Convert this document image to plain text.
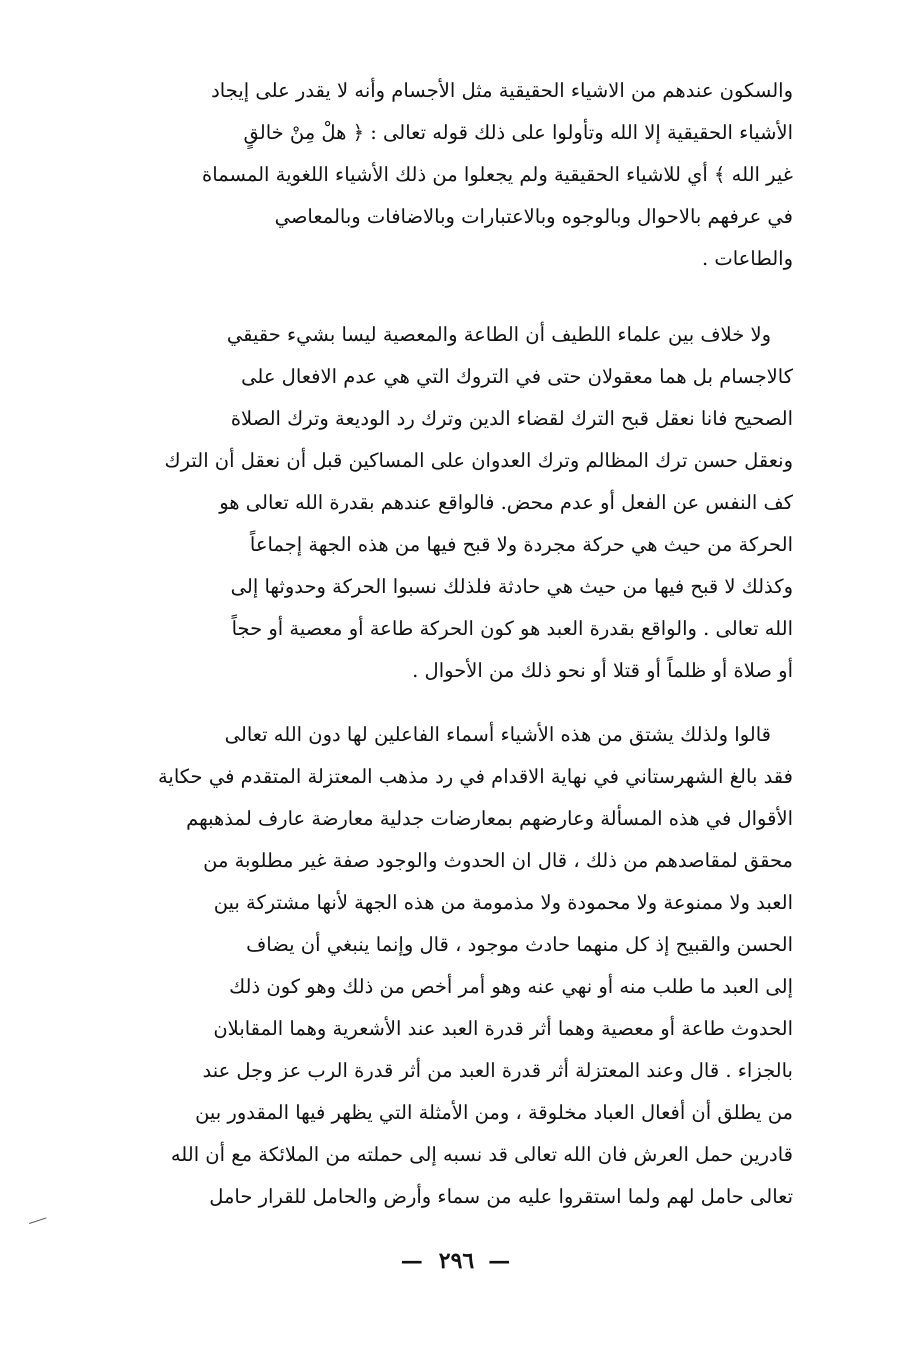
والسكون عندهم من الاشياء الحقيقية مثل الأجسام وأنه لا يقدر على إيجاد
الأشياء الحقيقية إلا الله وتأولوا على ذلك قوله تعالى : ﴿ هلْ مِنْ خالقٍ
غير الله ﴾ أي للاشياء الحقيقية ولم يجعلوا من ذلك الأشياء اللغوية المسماة
في عرفهم بالاحوال وبالوجوه وبالاعتبارات وبالاضافات وبالمعاصي
والطاعات .
ولا خلاف بين علماء اللطيف أن الطاعة والمعصية ليسا بشيء حقيقي
كالاجسام بل هما معقولان حتى في التروك التي هي عدم الافعال على
الصحيح فانا نعقل قبح الترك لقضاء الدين وترك رد الوديعة وترك الصلاة
ونعقل حسن ترك المظالم وترك العدوان على المساكين قبل أن نعقل أن الترك
كف النفس عن الفعل أو عدم محض. فالواقع عندهم بقدرة الله تعالى هو
الحركة من حيث هي حركة مجردة ولا قبح فيها من هذه الجهة إجماعاً
وكذلك لا قبح فيها من حيث هي حادثة فلذلك نسبوا الحركة وحدوثها إلى
الله تعالى . والواقع بقدرة العبد هو كون الحركة طاعة أو معصية أو حجاً
أو صلاة أو ظلماً أو قتلا أو نحو ذلك من الأحوال .
قالوا ولذلك يشتق من هذه الأشياء أسماء الفاعلين لها دون الله تعالى
فقد بالغ الشهرستاني في نهاية الاقدام في رد مذهب المعتزلة المتقدم في حكاية
الأقوال في هذه المسألة وعارضهم بمعارضات جدلية معارضة عارف لمذهبهم
محقق لمقاصدهم من ذلك ، قال ان الحدوث والوجود صفة غير مطلوبة من
العبد ولا ممنوعة ولا محمودة ولا مذمومة من هذه الجهة لأنها مشتركة بين
الحسن والقبيح إذ كل منهما حادث موجود ، قال وإنما ينبغي أن يضاف
إلى العبد ما طلب منه أو نهي عنه وهو أمر أخص من ذلك وهو كون ذلك
الحدوث طاعة أو معصية وهما أثر قدرة العبد عند الأشعرية وهما المقابلان
بالجزاء . قال وعند المعتزلة أثر قدرة العبد من أثر قدرة الرب عز وجل عند
من يطلق أن أفعال العباد مخلوقة ، ومن الأمثلة التي يظهر فيها المقدور بين
قادرين حمل العرش فان الله تعالى قد نسبه إلى حملته من الملائكة مع أن الله
تعالى حامل لهم ولما استقروا عليه من سماء وأرض والحامل للقرار حامل
—٢٩٦—
